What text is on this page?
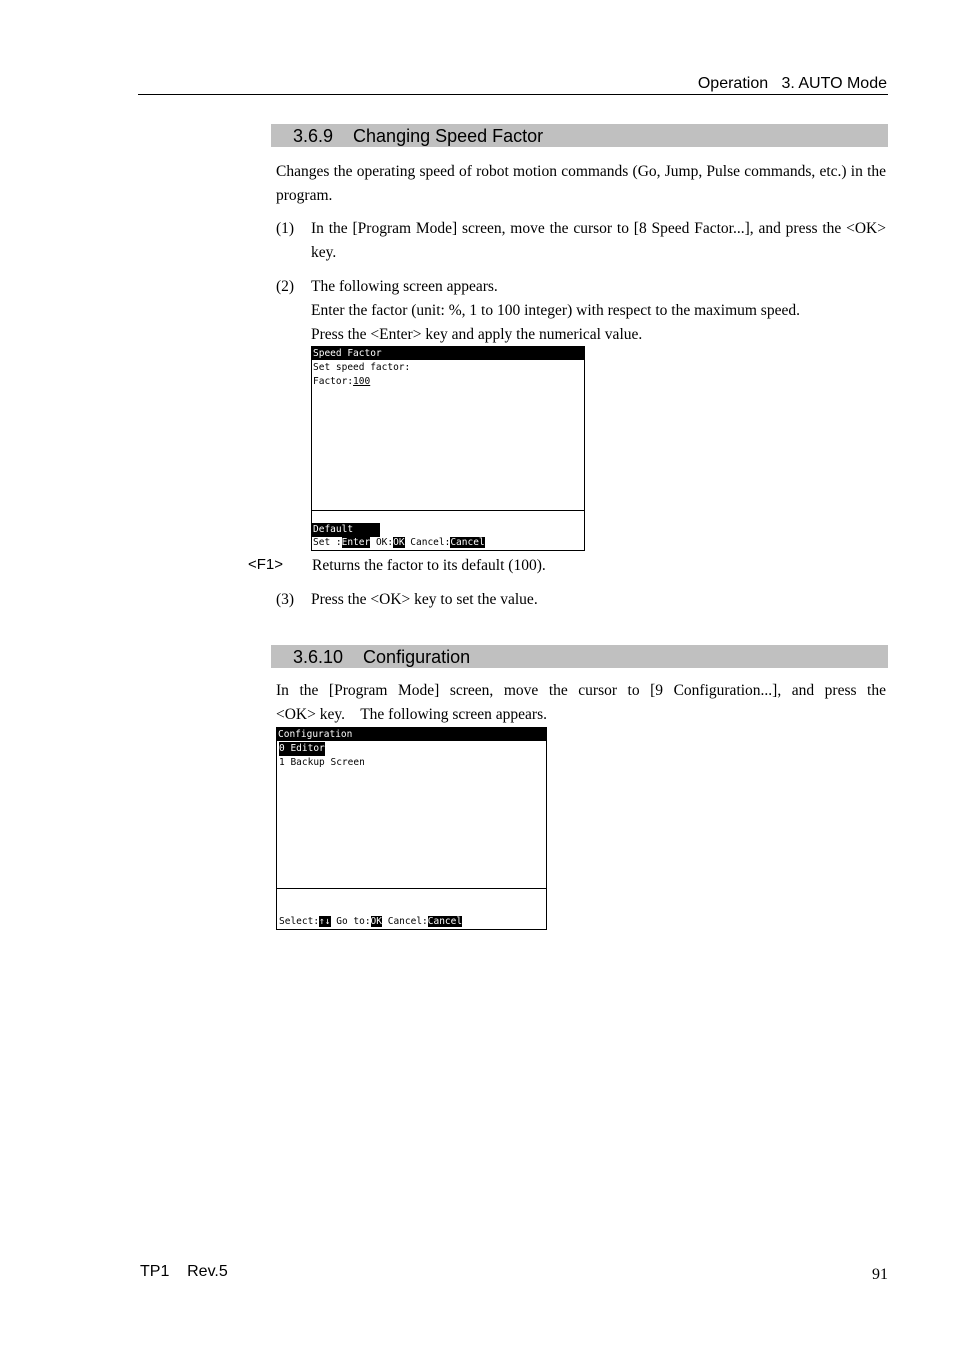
Operation   3. AUTO Mode
3.6.9    Changing Speed Factor
Changes the operating speed of robot motion commands (Go, Jump, Pulse commands, etc.) in the program.
(1) In the [Program Mode] screen, move the cursor to [8 Speed Factor...], and press the <OK> key.
(2) The following screen appears.
Enter the factor (unit: %, 1 to 100 integer) with respect to the maximum speed.
Press the <Enter> key and apply the numerical value.

Speed Factor

Set speed factor:

Factor:100

Default

Set :Enter OK:OK Cancel:Cancel

<F1> Returns the factor to its default (100).
(3) Press the <OK> key to set the value.
3.6.10    Configuration
In the [Program Mode] screen, move the cursor to [9 Configuration...], and press the
<OK> key.    The following screen appears.

Configuration

0 Editor

1 Backup Screen

Select:↑↓ Go to:OK Cancel:Cancel

TP1    Rev.5	91
